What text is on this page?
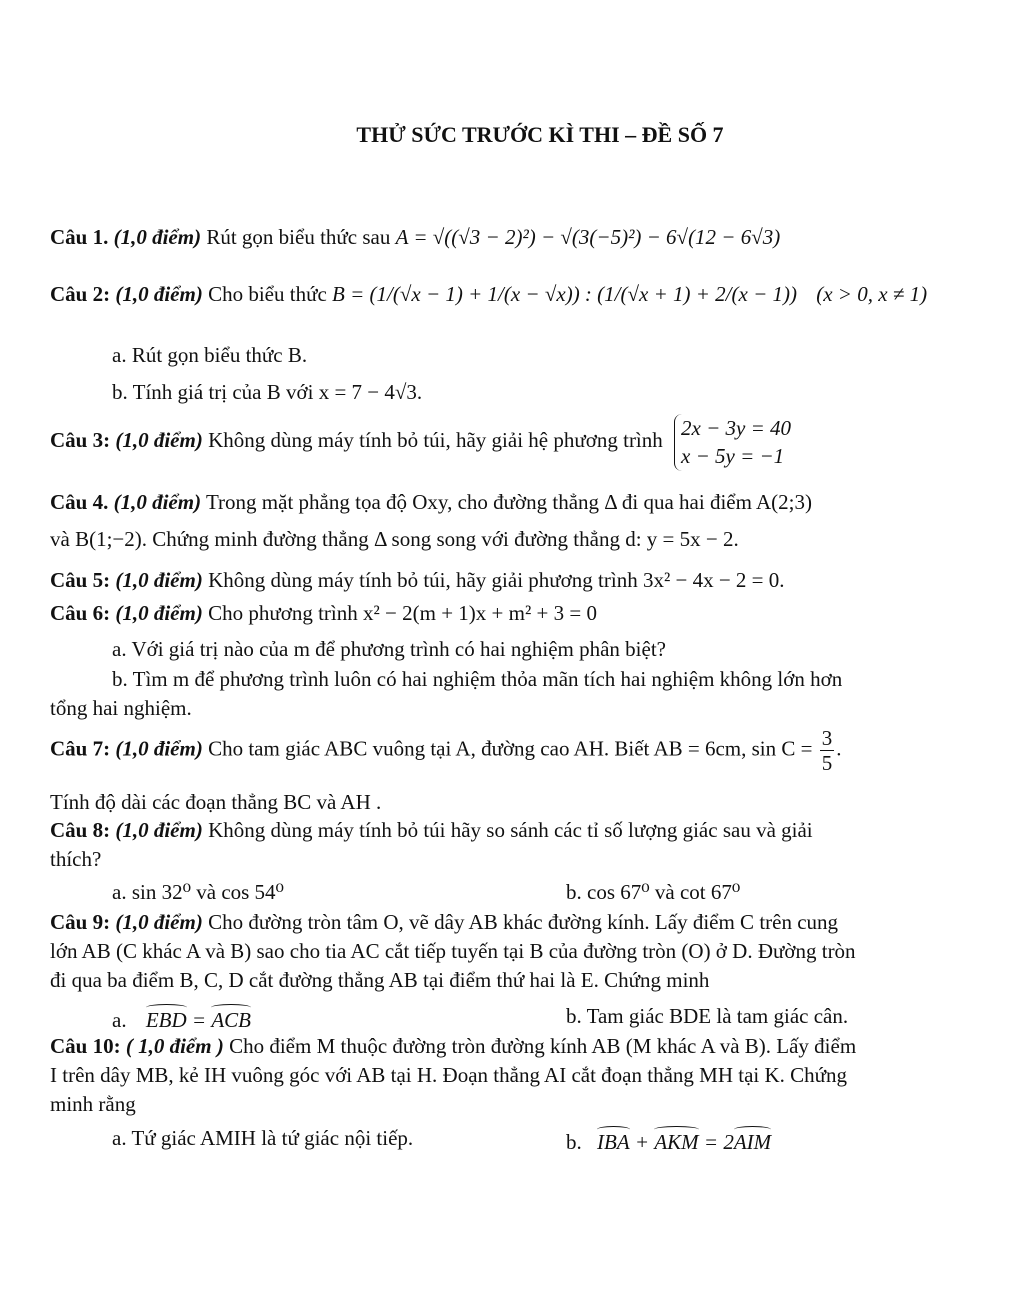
THỬ SỨC TRƯỚC KÌ THI – ĐỀ SỐ 7
Câu 1. (1,0 điểm) Rút gọn biểu thức sau A = √((√3 − 2)²) − √(3(−5)²) − 6√(12 − 6√3)
Câu 2: (1,0 điểm) Cho biểu thức B = (1/(√x − 1) + 1/(x − √x)) : (1/(√x + 1) + 2/(x − 1)) (x > 0, x ≠ 1)
a. Rút gọn biểu thức B.
b. Tính giá trị của B với x = 7 − 4√3.
Câu 3: (1,0 điểm) Không dùng máy tính bỏ túi, hãy giải hệ phương trình
2x − 3y = 40
x − 5y = −1
Câu 4. (1,0 điểm) Trong mặt phẳng tọa độ Oxy, cho đường thẳng Δ đi qua hai điểm A(2;3)
và B(1;−2). Chứng minh đường thẳng Δ song song với đường thẳng d: y = 5x − 2.
Câu 5: (1,0 điểm) Không dùng máy tính bỏ túi, hãy giải phương trình 3x² − 4x − 2 = 0.
Câu 6: (1,0 điểm) Cho phương trình x² − 2(m + 1)x + m² + 3 = 0
a. Với giá trị nào của m để phương trình có hai nghiệm phân biệt?
b. Tìm m để phương trình luôn có hai nghiệm thỏa mãn tích hai nghiệm không lớn hơn
tổng hai nghiệm.
Câu 7: (1,0 điểm) Cho tam giác ABC vuông tại A, đường cao AH. Biết AB = 6cm, $\sin C = \frac{3}{5}$ .
Tính độ dài các đoạn thẳng BC và AH .
Câu 8: (1,0 điểm) Không dùng máy tính bỏ túi hãy so sánh các tỉ số lượng giác sau và giải
thích?
a. sin 32⁰ và cos 54⁰	b. cos 67⁰ và cot 67⁰
Câu 9: (1,0 điểm) Cho đường tròn tâm O, vẽ dây AB khác đường kính. Lấy điểm C trên cung
lớn AB (C khác A và B) sao cho tia AC cắt tiếp tuyến tại B của đường tròn (O) ở D. Đường tròn
đi qua ba điểm B, C, D cắt đường thẳng AB tại điểm thứ hai là E. Chứng minh
a. EBD = ACB	b. Tam giác BDE là tam giác cân.
Câu 10: ( 1,0 điểm ) Cho điểm M thuộc đường tròn đường kính AB (M khác A và B). Lấy điểm
I trên dây MB, kẻ IH vuông góc với AB tại H. Đoạn thẳng AI cắt đoạn thẳng MH tại K. Chứng
minh rằng
a. Tứ giác AMIH là tứ giác nội tiếp.	b. IBA + AKM = 2AIM
